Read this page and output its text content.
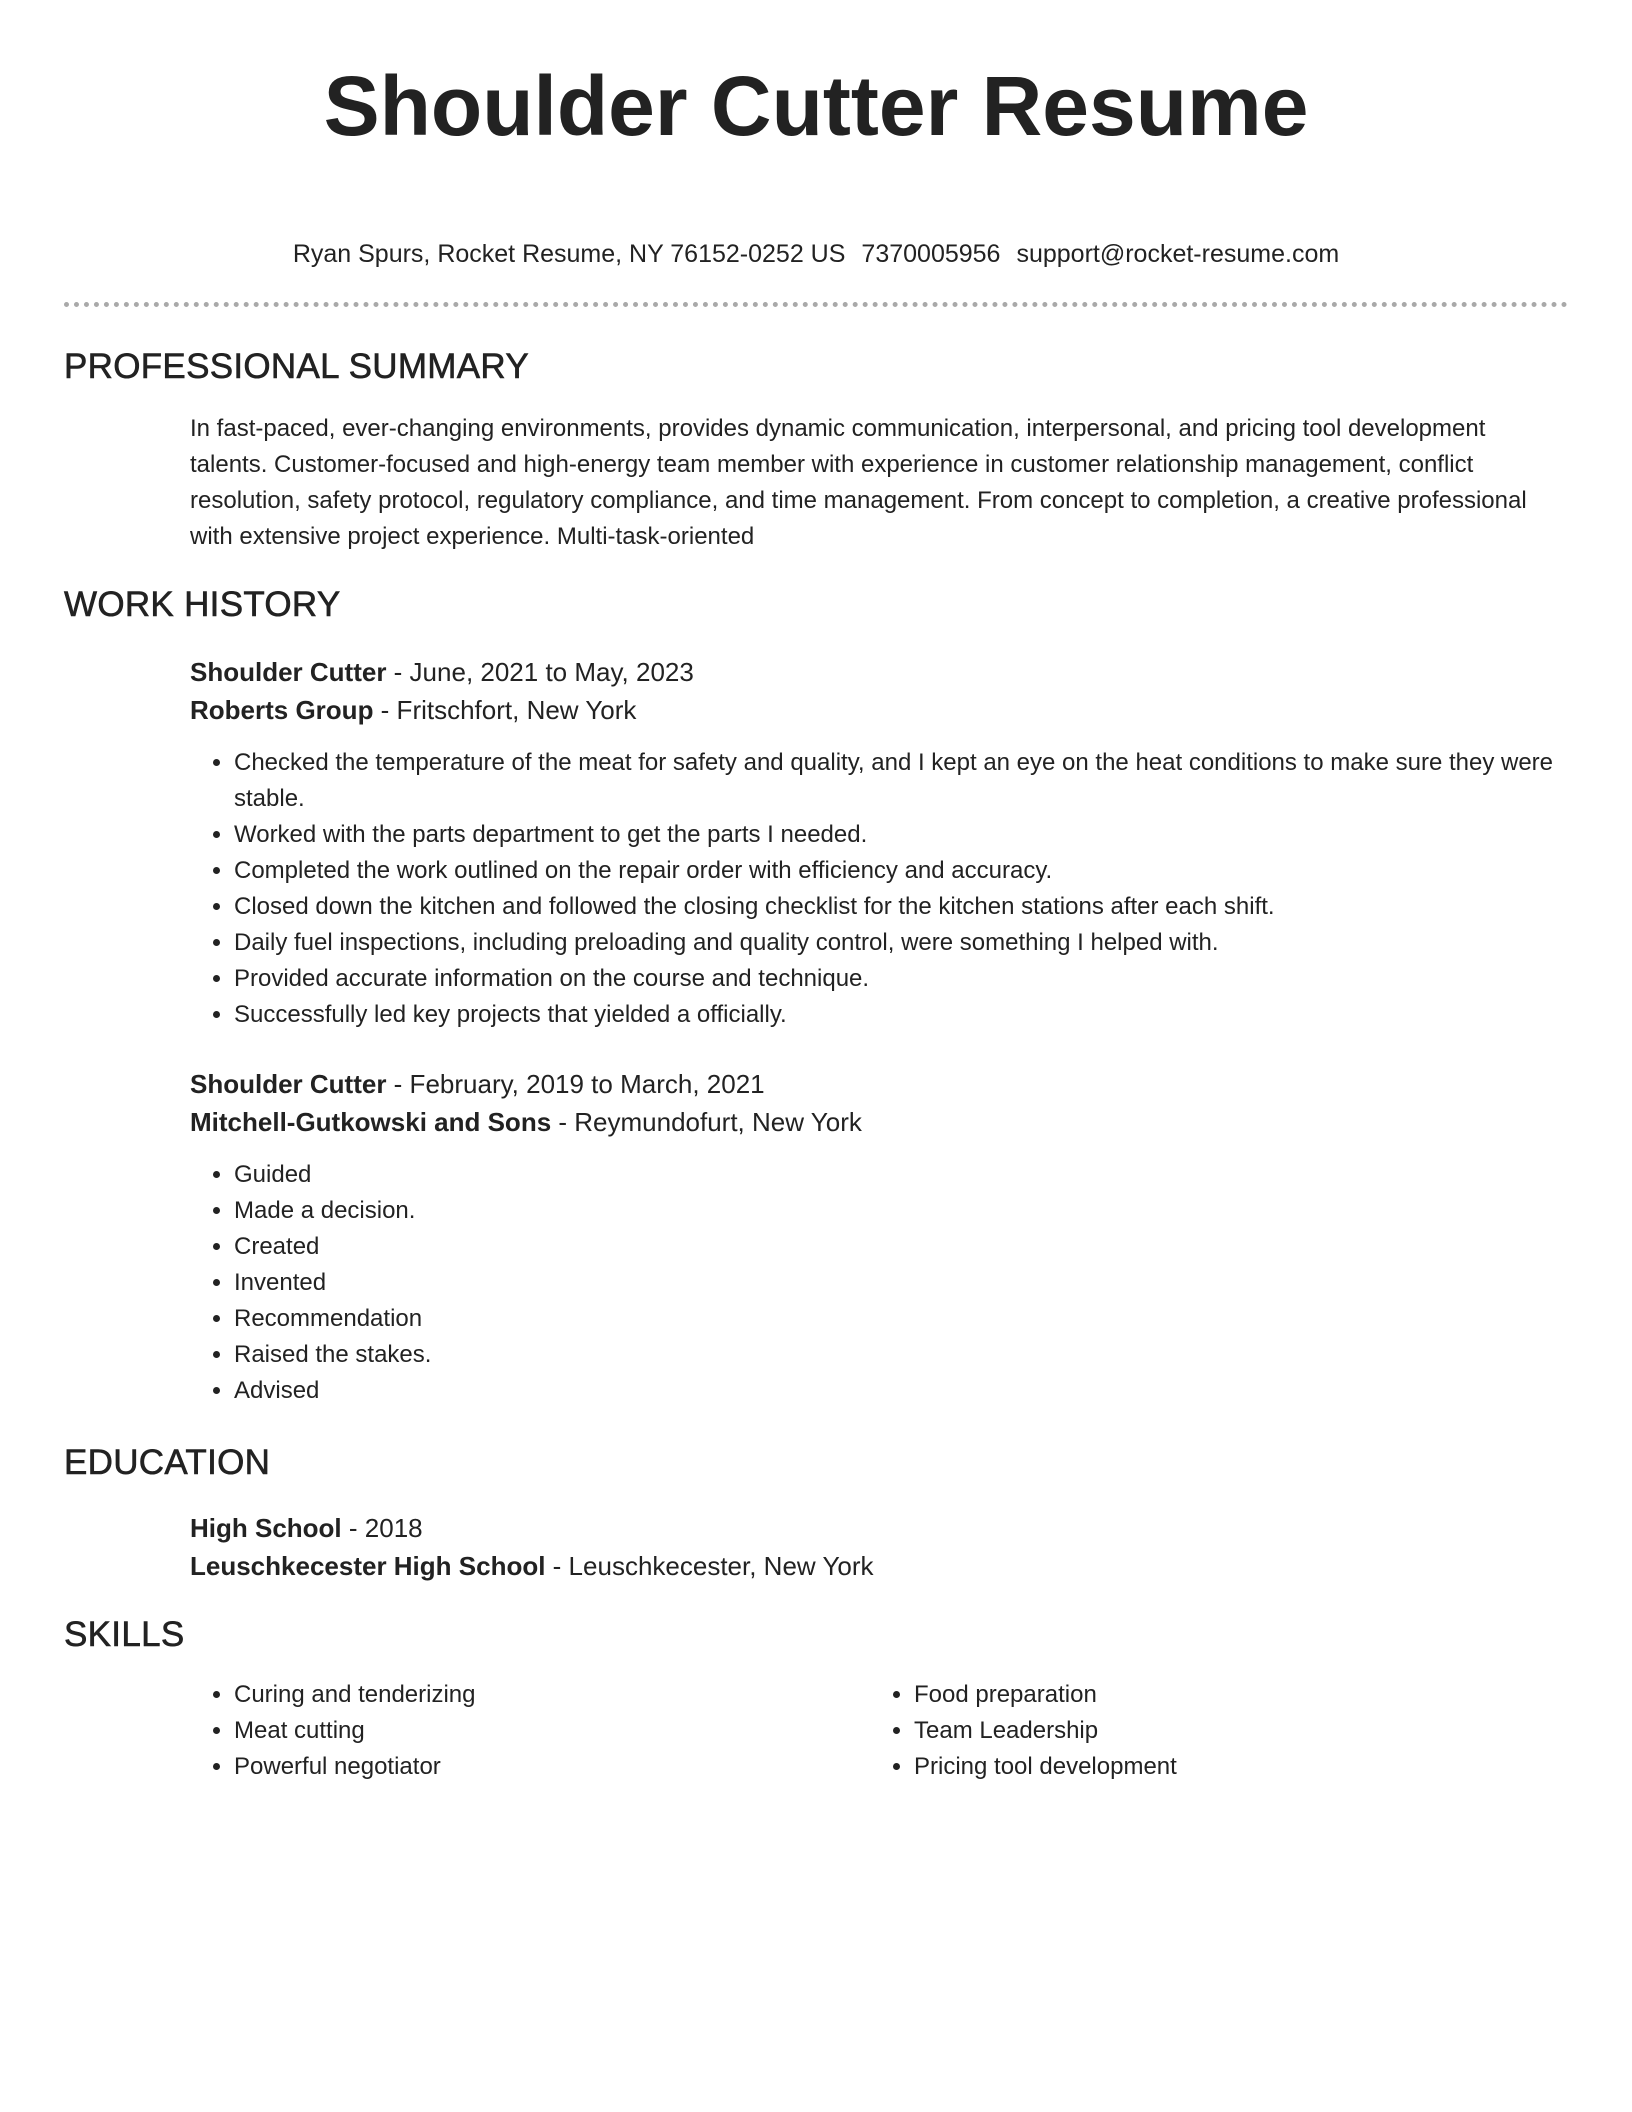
Shoulder Cutter Resume
Ryan Spurs, Rocket Resume, NY 76152-0252 US 7370005956 support@rocket-resume.com
PROFESSIONAL SUMMARY
In fast-paced, ever-changing environments, provides dynamic communication, interpersonal, and pricing tool development talents. Customer-focused and high-energy team member with experience in customer relationship management, conflict resolution, safety protocol, regulatory compliance, and time management. From concept to completion, a creative professional with extensive project experience. Multi-task-oriented
WORK HISTORY
Shoulder Cutter - June, 2021 to May, 2023
Roberts Group - Fritschfort, New York
• Checked the temperature of the meat for safety and quality, and I kept an eye on the heat conditions to make sure they were stable.
• Worked with the parts department to get the parts I needed.
• Completed the work outlined on the repair order with efficiency and accuracy.
• Closed down the kitchen and followed the closing checklist for the kitchen stations after each shift.
• Daily fuel inspections, including preloading and quality control, were something I helped with.
• Provided accurate information on the course and technique.
• Successfully led key projects that yielded a officially.
Shoulder Cutter - February, 2019 to March, 2021
Mitchell-Gutkowski and Sons - Reymundofurt, New York
• Guided
• Made a decision.
• Created
• Invented
• Recommendation
• Raised the stakes.
• Advised
EDUCATION
High School - 2018
Leuschkecester High School - Leuschkecester, New York
SKILLS
• Curing and tenderizing
• Meat cutting
• Powerful negotiator
• Food preparation
• Team Leadership
• Pricing tool development
